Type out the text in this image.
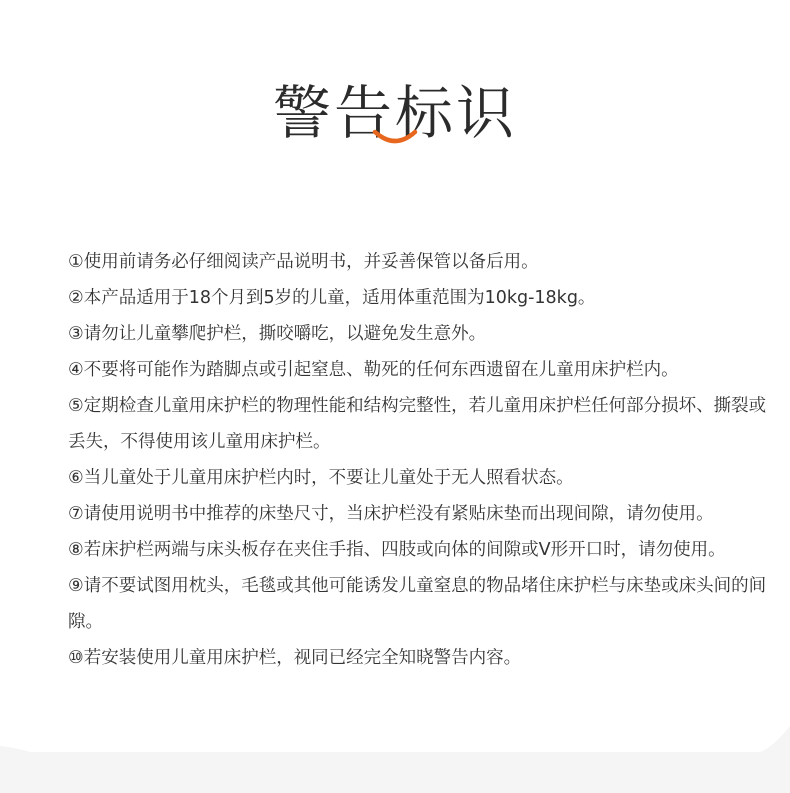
警告标识
①使用前请务必仔细阅读产品说明书，并妥善保管以备后用。
②本产品适用于18个月到5岁的儿童，适用体重范围为10kg-18kg。
③请勿让儿童攀爬护栏，撕咬嚼吃，以避免发生意外。
④不要将可能作为踏脚点或引起窒息、勒死的任何东西遗留在儿童用床护栏内。
⑤定期检查儿童用床护栏的物理性能和结构完整性，若儿童用床护栏任何部分损坏、撕裂或丢失，不得使用该儿童用床护栏。
⑥当儿童处于儿童用床护栏内时，不要让儿童处于无人照看状态。
⑦请使用说明书中推荐的床垫尺寸，当床护栏没有紧贴床垫而出现间隙，请勿使用。
⑧若床护栏两端与床头板存在夹住手指、四肢或向体的间隙或V形开口时，请勿使用。
⑨请不要试图用枕头，毛毯或其他可能诱发儿童窒息的物品堵住床护栏与床垫或床头间的间隙。
⑩若安装使用儿童用床护栏，视同已经完全知晓警告内容。
